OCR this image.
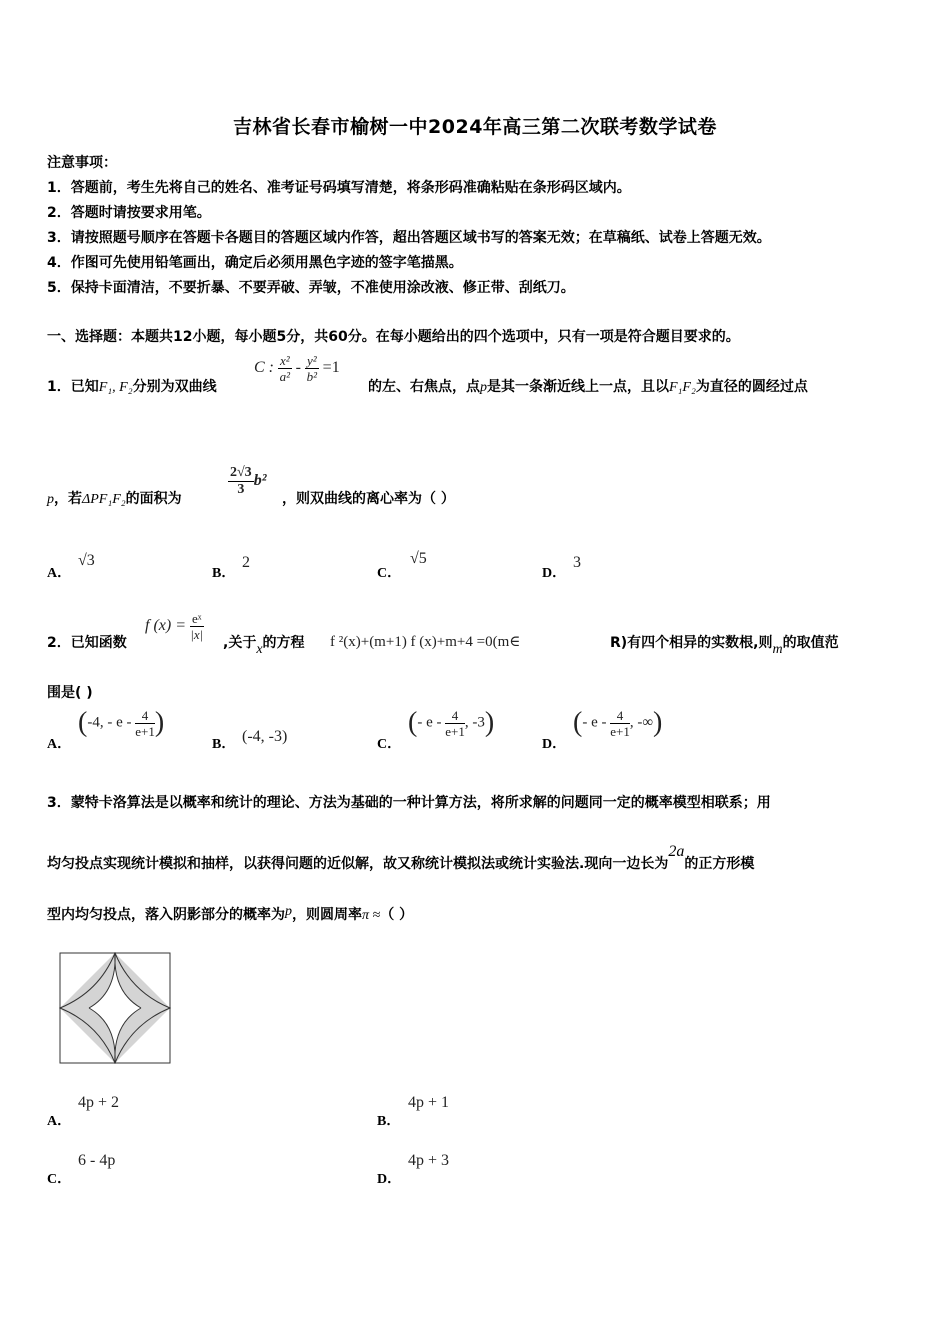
吉林省长春市榆树一中2024年高三第二次联考数学试卷
注意事项：
1．答题前，考生先将自己的姓名、准考证号码填写清楚，将条形码准确粘贴在条形码区域内。
2．答题时请按要求用笔。
3．请按照题号顺序在答题卡各题目的答题区域内作答，超出答题区域书写的答案无效；在草稿纸、试卷上答题无效。
4．作图可先使用铅笔画出，确定后必须用黑色字迹的签字笔描黑。
5．保持卡面清洁，不要折暴、不要弄破、弄皱，不准使用涂改液、修正带、刮纸刀。
一、选择题：本题共12小题，每小题5分，共60分。在每小题给出的四个选项中，只有一项是符合题目要求的。
1．已知F₁, F₂分别为双曲线
C : $\frac{\text{x²}}{\text{a²}} - \frac{\text{y²}}{\text{b²}} =1$
的左、右焦点，点p是其一条渐近线上一点，且以F₁F₂为直径的圆经过点
p，若ΔPF₁F₂的面积为
$\frac{2√3}{3} b^2$
，则双曲线的离心率为（ ）
A．
√3
B．
2
C．
√5
D．
3
2．已知函数
f $(x) = \frac{\text{eˣ}}{|x|}$
,关于x的方程 f ²(x)+(m+1) f (x)+m+4 =0(m∈	R)有四个相异的实数根,则m的取值范
围是( )
A．
(-4, - e - $\frac{4}{e+1}$ )
B． (-4, -3)	C．
(- e - $\frac{4}{e+1}$ , -3)
D．
(- e - $\frac{4}{e+1}$ , -∞)
3．蒙特卡洛算法是以概率和统计的理论、方法为基础的一种计算方法，将所求解的问题同一定的概率模型相联系；用
均匀投点实现统计模拟和抽样，以获得问题的近似解，故又称统计模拟法或统计实验法.现向一边长为2a的正方形模
型内均匀投点，落入阴影部分的概率为p，则圆周率π ≈（ ）
A．
4p + 2
B．
4p + 1
C．
6 - 4p
D．
4p + 3
